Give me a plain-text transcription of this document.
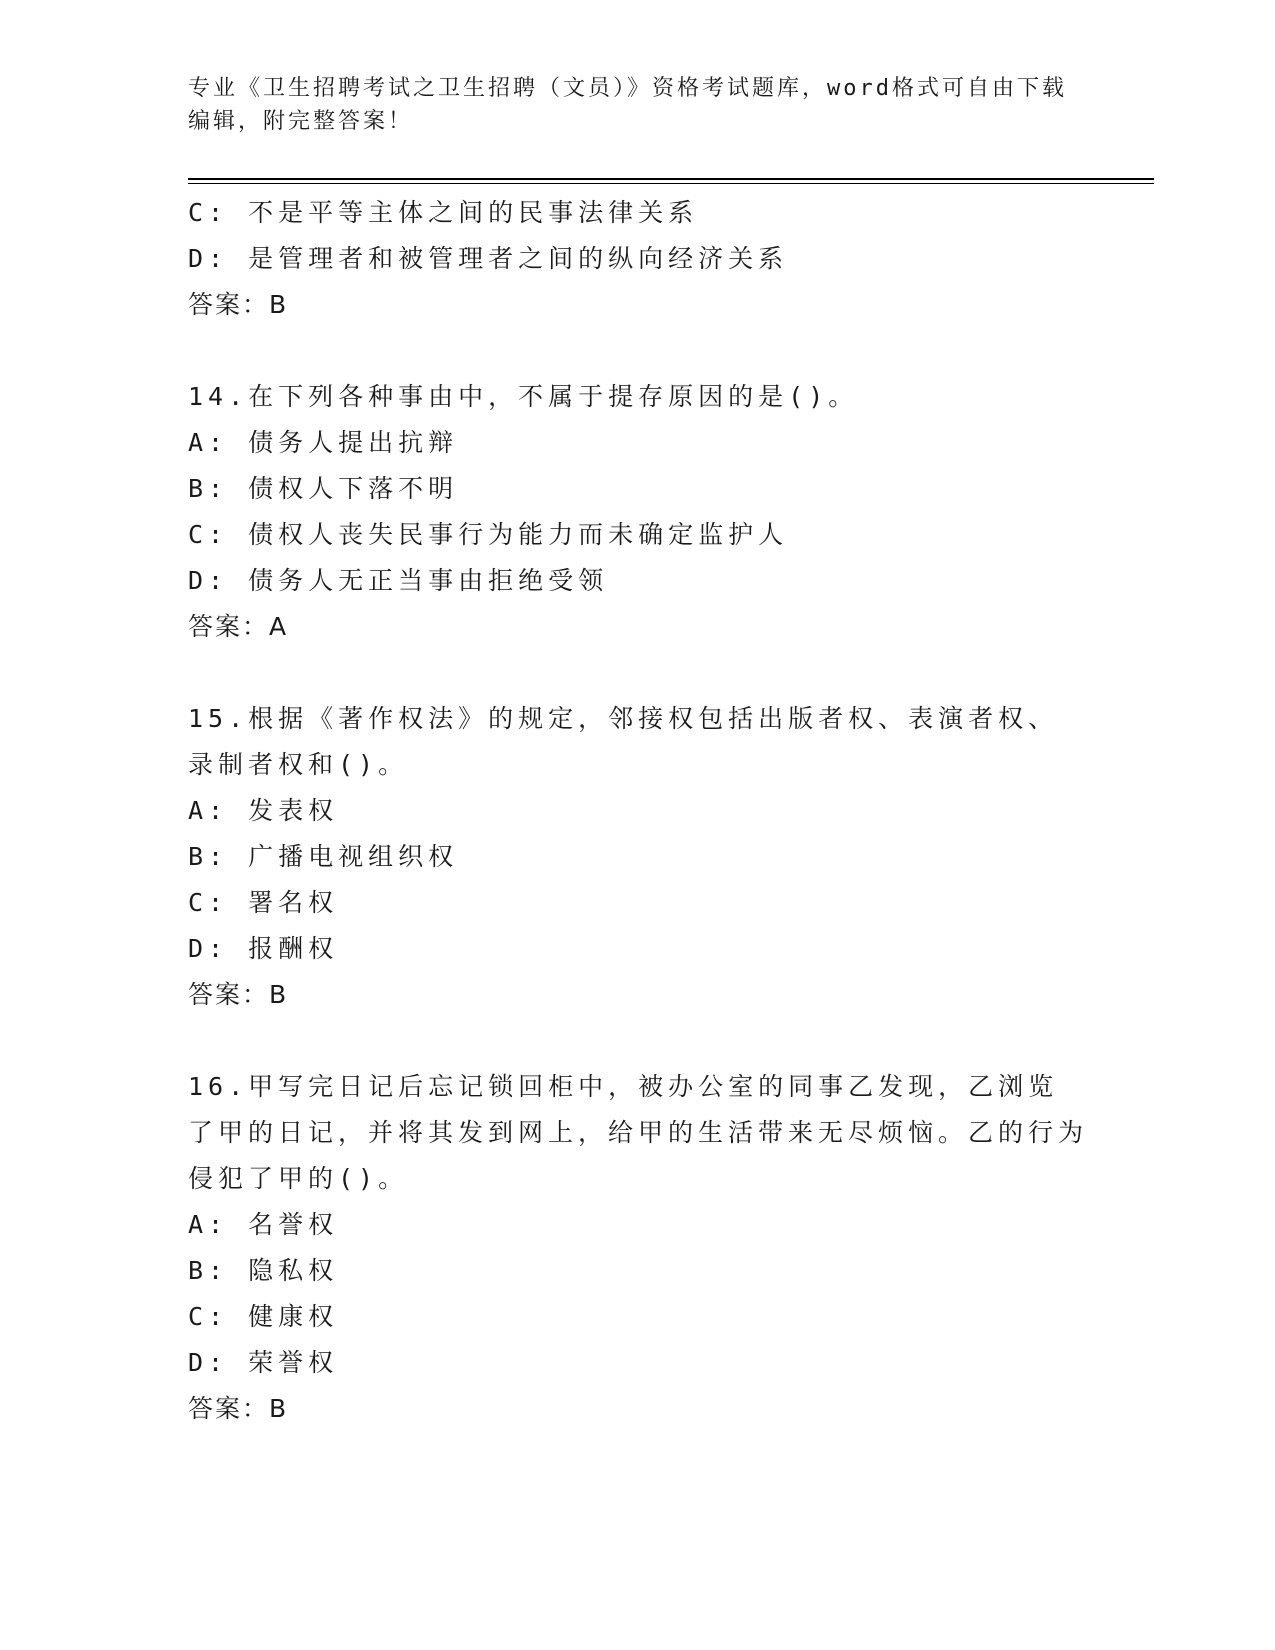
专业《卫生招聘考试之卫生招聘（文员）》资格考试题库，word格式可自由下载编辑，附完整答案！
C: 不是平等主体之间的民事法律关系
D: 是管理者和被管理者之间的纵向经济关系
答案：B
14.在下列各种事由中，不属于提存原因的是()。
A: 债务人提出抗辩
B: 债权人下落不明
C: 债权人丧失民事行为能力而未确定监护人
D: 债务人无正当事由拒绝受领
答案：A
15.根据《著作权法》的规定，邻接权包括出版者权、表演者权、录制者权和()。
A: 发表权
B: 广播电视组织权
C: 署名权
D: 报酬权
答案：B
16.甲写完日记后忘记锁回柜中，被办公室的同事乙发现，乙浏览了甲的日记，并将其发到网上，给甲的生活带来无尽烦恼。乙的行为侵犯了甲的()。
A: 名誉权
B: 隐私权
C: 健康权
D: 荣誉权
答案：B
